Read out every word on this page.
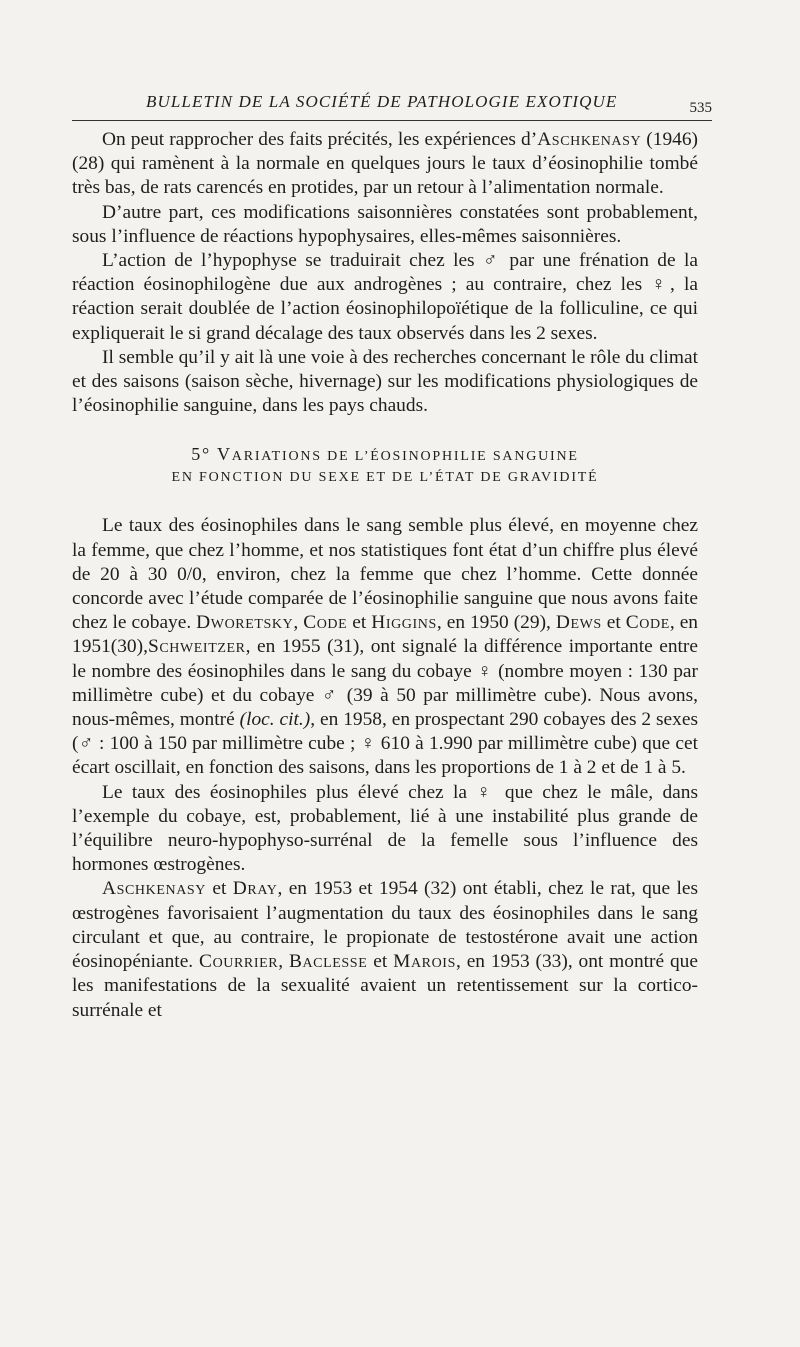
BULLETIN DE LA SOCIÉTÉ DE PATHOLOGIE EXOTIQUE	535

On peut rapprocher des faits précités, les expériences d’Aschkenasy (1946) (28) qui ramènent à la normale en quelques jours le taux d’éosinophilie tombé très bas, de rats carencés en protides, par un retour à l’alimentation normale.

D’autre part, ces modifications saisonnières constatées sont probablement, sous l’influence de réactions hypophysaires, elles-mêmes saisonnières.

L’action de l’hypophyse se traduirait chez les ♂ par une frénation de la réaction éosinophilogène due aux androgènes ; au contraire, chez les ♀, la réaction serait doublée de l’action éosinophilopoïétique de la folliculine, ce qui expliquerait le si grand décalage des taux observés dans les 2 sexes.

Il semble qu’il y ait là une voie à des recherches concernant le rôle du climat et des saisons (saison sèche, hivernage) sur les modifications physiologiques de l’éosinophilie sanguine, dans les pays chauds.

5° VARIATIONS DE L’ÉOSINOPHILIE SANGUINE

EN FONCTION DU SEXE ET DE L’ÉTAT DE GRAVIDITÉ

Le taux des éosinophiles dans le sang semble plus élevé, en moyenne chez la femme, que chez l’homme, et nos statistiques font état d’un chiffre plus élevé de 20 à 30 0/0, environ, chez la femme que chez l’homme. Cette donnée concorde avec l’étude comparée de l’éosinophilie sanguine que nous avons faite chez le cobaye. Dworetsky, Code et Higgins, en 1950 (29), Dews et Code, en 1951(30),Schweitzer, en 1955 (31), ont signalé la différence importante entre le nombre des éosinophiles dans le sang du cobaye ♀ (nombre moyen : 130 par millimètre cube) et du cobaye ♂ (39 à 50 par millimètre cube). Nous avons, nous-mêmes, montré (loc. cit.), en 1958, en prospectant 290 cobayes des 2 sexes (♂ : 100 à 150 par millimètre cube ; ♀ 610 à 1.990 par millimètre cube) que cet écart oscillait, en fonction des saisons, dans les proportions de 1 à 2 et de 1 à 5.

Le taux des éosinophiles plus élevé chez la ♀ que chez le mâle, dans l’exemple du cobaye, est, probablement, lié à une instabilité plus grande de l’équilibre neuro-hypophyso-surrénal de la femelle sous l’influence des hormones œstrogènes.

Aschkenasy et Dray, en 1953 et 1954 (32) ont établi, chez le rat, que les œstrogènes favorisaient l’augmentation du taux des éosinophiles dans le sang circulant et que, au contraire, le propionate de testostérone avait une action éosinopéniante. Courrier, Baclesse et Marois, en 1953 (33), ont montré que les manifestations de la sexualité avaient un retentissement sur la cortico-surrénale et
